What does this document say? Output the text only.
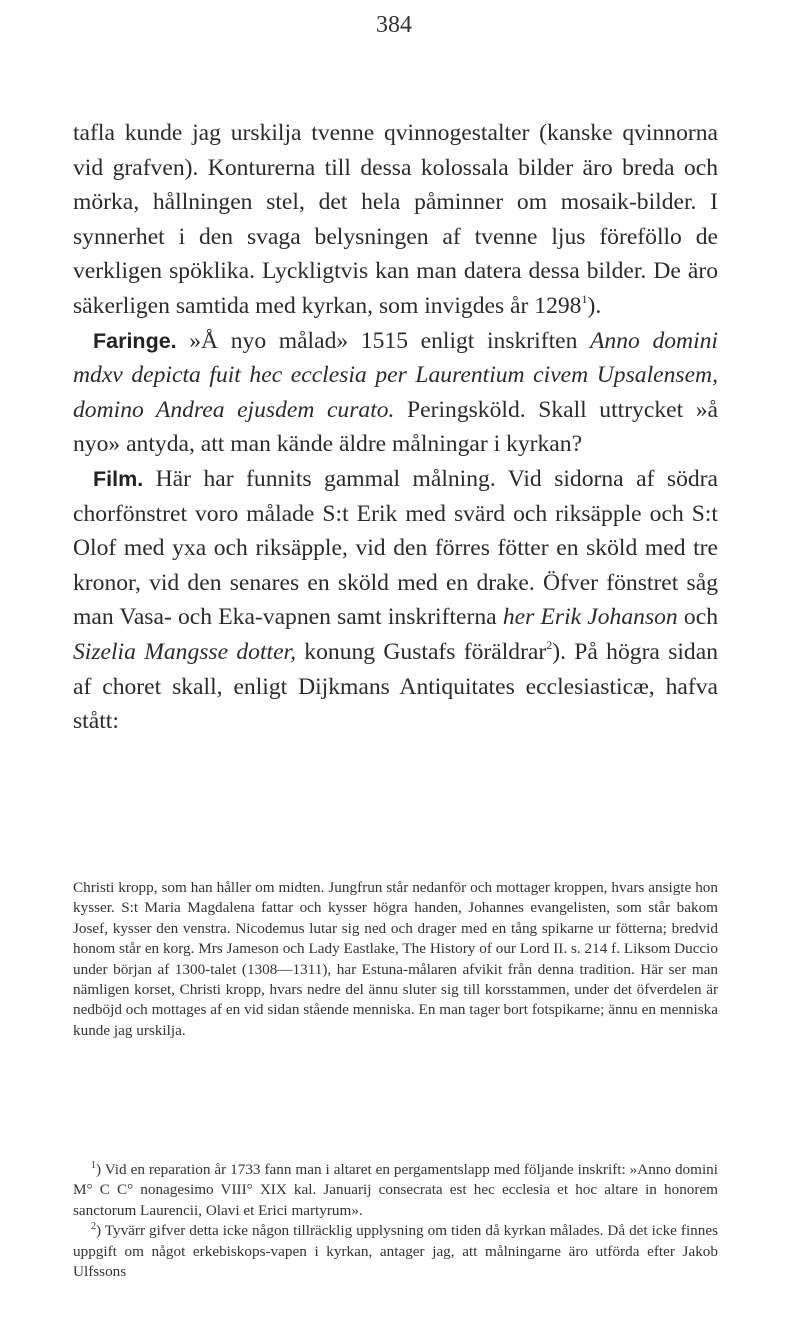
384

tafla kunde jag urskilja tvenne qvinnogestalter (kanske qvinnorna vid grafven). Konturerna till dessa kolossala bilder äro breda och mörka, hållningen stel, det hela påminner om mosaik-bilder. I synnerhet i den svaga belysningen af tvenne ljus föreföllo de verkligen spöklika. Lyckligtvis kan man datera dessa bilder. De äro säkerligen samtida med kyrkan, som invigdes år 1298$^1$).

Faringe. »Å nyo målad» 1515 enligt inskriften Anno domini mdxv depicta fuit hec ecclesia per Laurentium civem Upsalensem, domino Andrea ejusdem curato. Peringsköld. Skall uttrycket »å nyo» antyda, att man kände äldre målningar i kyrkan?

Film. Här har funnits gammal målning. Vid sidorna af södra chorfönstret voro målade S:t Erik med svärd och riksäpple och S:t Olof med yxa och riksäpple, vid den förres fötter en sköld med tre kronor, vid den senares en sköld med en drake. Öfver fönstret såg man Vasa- och Eka-vapnen samt inskrifterna her Erik Johanson och Sizelia Mangsse dotter, konung Gustafs föräldrar$^2$). På högra sidan af choret skall, enligt Dijkmans Antiquitates ecclesiasticæ, hafva stått:

Christi kropp, som han håller om midten. Jungfrun står nedanför och mottager kroppen, hvars ansigte hon kysser. S:t Maria Magdalena fattar och kysser högra handen, Johannes evangelisten, som står bakom Josef, kysser den venstra. Nicodemus lutar sig ned och drager med en tång spikarne ur fötterna; bredvid honom står en korg. Mrs Jameson och Lady Eastlake, The History of our Lord II. s. 214 f. Liksom Duccio under början af 1300-talet (1308—1311), har Estuna-målaren afvikit från denna tradition. Här ser man nämligen korset, Christi kropp, hvars nedre del ännu sluter sig till korsstammen, under det öfverdelen är nedböjd och mottages af en vid sidan stående menniska. En man tager bort fotspikarne; ännu en menniska kunde jag urskilja.

$^1$) Vid en reparation år 1733 fann man i altaret en pergamentslapp med följande inskrift: »Anno domini M° C C° nonagesimo VIII° XIX kal. Januarij consecrata est hec ecclesia et hoc altare in honorem sanctorum Laurencii, Olavi et Erici martyrum».

$^2$) Tyvärr gifver detta icke någon tillräcklig upplysning om tiden då kyrkan målades. Då det icke finnes uppgift om något erkebiskops-vapen i kyrkan, antager jag, att målningarne äro utförda efter Jakob Ulfssons
